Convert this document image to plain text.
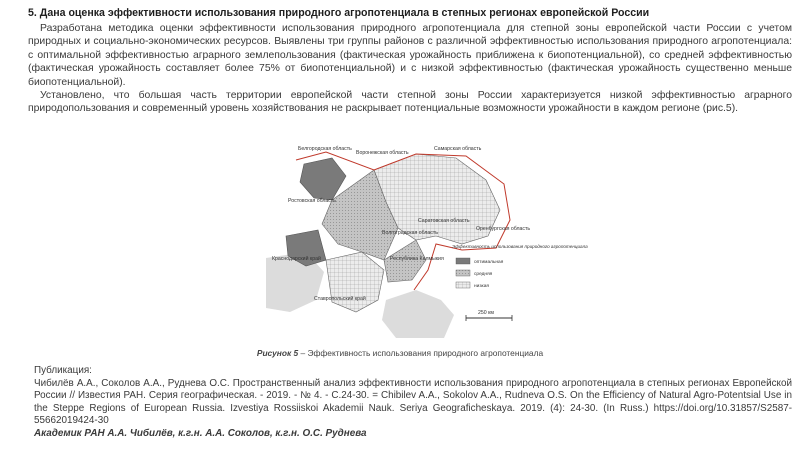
5. Дана оценка эффективности использования природного агропотенциала в степных регионах европейской России

Разработана методика оценки эффективности использования природного агропотенциала для степной зоны европейской части России с учетом природных и социально-экономических ресурсов. Выявлены три группы районов с различной эффективностью использования природного агропотенциала: с оптимальной эффективностью аграрного землепользования (фактическая урожайность приближена к биопотенциальной), со средней эффективностью (фактическая урожайность составляет более 75% от биопотенциальной) и с низкой эффективностью (фактическая урожайность существенно меньше биопотенциальной).

Установлено, что большая часть территории европейской части степной зоны России характеризуется низкой эффективностью аграрного природопользования и современный уровень хозяйствования не раскрывает потенциальные возможности урожайности в каждом регионе (рис.5).

Белгородская область
Воронежская область
Самарская область
Ростовская область
Саратовская область
Оренбургская область
Волгоградская область
Республика Калмыкия
Краснодарский край
Ставропольский край
Эффективность использования природного агропотенциала
оптимальная
средняя
низкая
250 км
Рисунок 5 – Эффективность использования природного агропотенциала

Публикация:

Чибилёв А.А., Соколов А.А., Руднева О.С. Пространственный анализ эффективности использования природного агропотенциала в степных регионах Европейской России // Известия РАН. Серия географическая. - 2019. - № 4. - С.24-30. = Chibilev A.A., Sokolov A.A., Rudneva O.S. On the Efficiency of Natural Agro-Potentsial Use in the Steppe Regions of European Russia. Izvestiya Rossiiskoi Akademii Nauk. Seriya Geograficheskaya. 2019. (4): 24-30. (In Russ.) https://doi.org/10.31857/S2587-55662019424-30

Академик РАН А.А. Чибилёв, к.г.н. А.А. Соколов, к.г.н. О.С. Руднева
